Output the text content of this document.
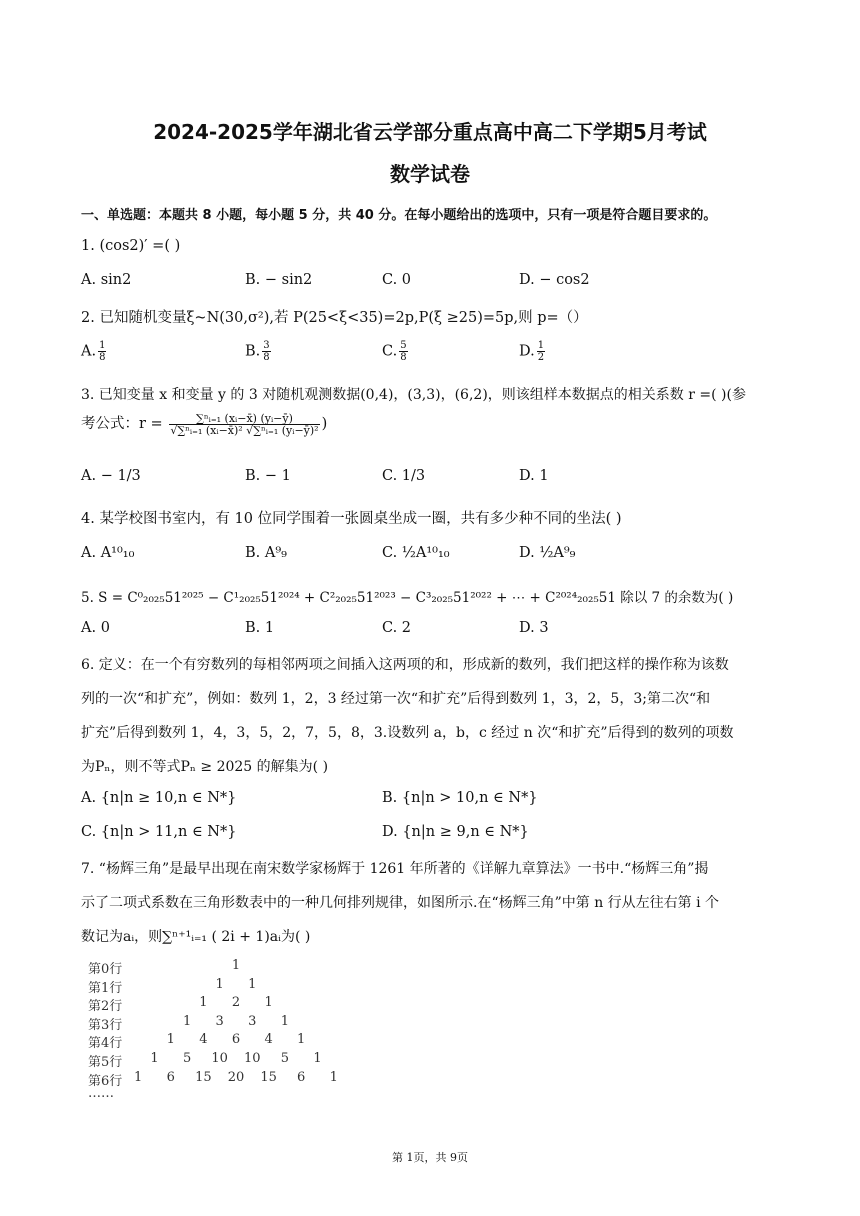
2024-2025学年湖北省云学部分重点高中高二下学期5月考试
数学试卷
一、单选题：本题共 8 小题，每小题 5 分，共 40 分。在每小题给出的选项中，只有一项是符合题目要求的。
1. (cos2)′ =( )
A. sin2	B. − sin2	C. 0	D. − cos2
2. 已知随机变量ξ~N(30,σ²),若 P(25<ξ<35)=2p,P(ξ ≥25)=5p,则 p=（）
A. $\frac{1}{8}$	B. $\frac{3}{8}$	C. $\frac{5}{8}$	D. $\frac{1}{2}$
3. 已知变量 x 和变量 y 的 3 对随机观测数据(0,4)，(3,3)，(6,2)，则该组样本数据点的相关系数 r =( )(参
考公式：$r = \frac{\text{∑ⁿᵢ₌₁ (xᵢ−x̄) (yᵢ−ȳ)}}{\text{√∑ⁿᵢ₌₁ (xᵢ−x̄)² √∑ⁿᵢ₌₁ (yᵢ−ȳ)²}}$ )
A. − 1/3	B. − 1	C. 1/3	D. 1
4. 某学校图书室内，有 10 位同学围着一张圆桌坐成一圈，共有多少种不同的坐法( )
A. A¹⁰₁₀	B. A⁹₉	C. ½A¹⁰₁₀	D. ½A⁹₉
5. S = C⁰₂₀₂₅51²⁰²⁵ − C¹₂₀₂₅51²⁰²⁴ + C²₂₀₂₅51²⁰²³ − C³₂₀₂₅51²⁰²² + ⋯ + C²⁰²⁴₂₀₂₅51 除以 7 的余数为( )
A. 0	B. 1	C. 2	D. 3
6. 定义：在一个有穷数列的每相邻两项之间插入这两项的和，形成新的数列，我们把这样的操作称为该数
列的一次“和扩充”，例如：数列 1，2，3 经过第一次“和扩充”后得到数列 1，3，2，5，3;第二次“和
扩充”后得到数列 1，4，3，5，2，7，5，8，3.设数列 a，b，c 经过 n 次“和扩充”后得到的数列的项数
为Pₙ，则不等式Pₙ ≥ 2025 的解集为( )
A. {n|n ≥ 10,n ∈ N*}	B. {n|n > 10,n ∈ N*}
C. {n|n > 11,n ∈ N*}	D. {n|n ≥ 9,n ∈ N*}
7. “杨辉三角”是最早出现在南宋数学家杨辉于 1261 年所著的《详解九章算法》一书中.“杨辉三角”揭
示了二项式系数在三角形数表中的一种几何排列规律，如图所示.在“杨辉三角”中第 n 行从左往右第 i 个
数记为aᵢ，则∑ⁿ⁺¹ᵢ₌₁ ( 2i + 1)aᵢ为( )
第0行	1
第1行	1	1
第2行	1	2	1
第3行	1	3	3	1
第4行	1	4	6	4	1
第5行	1	5	10 10	5	1
第6行 1	6	15 20 15	6	1
……
第 1页，共 9页
